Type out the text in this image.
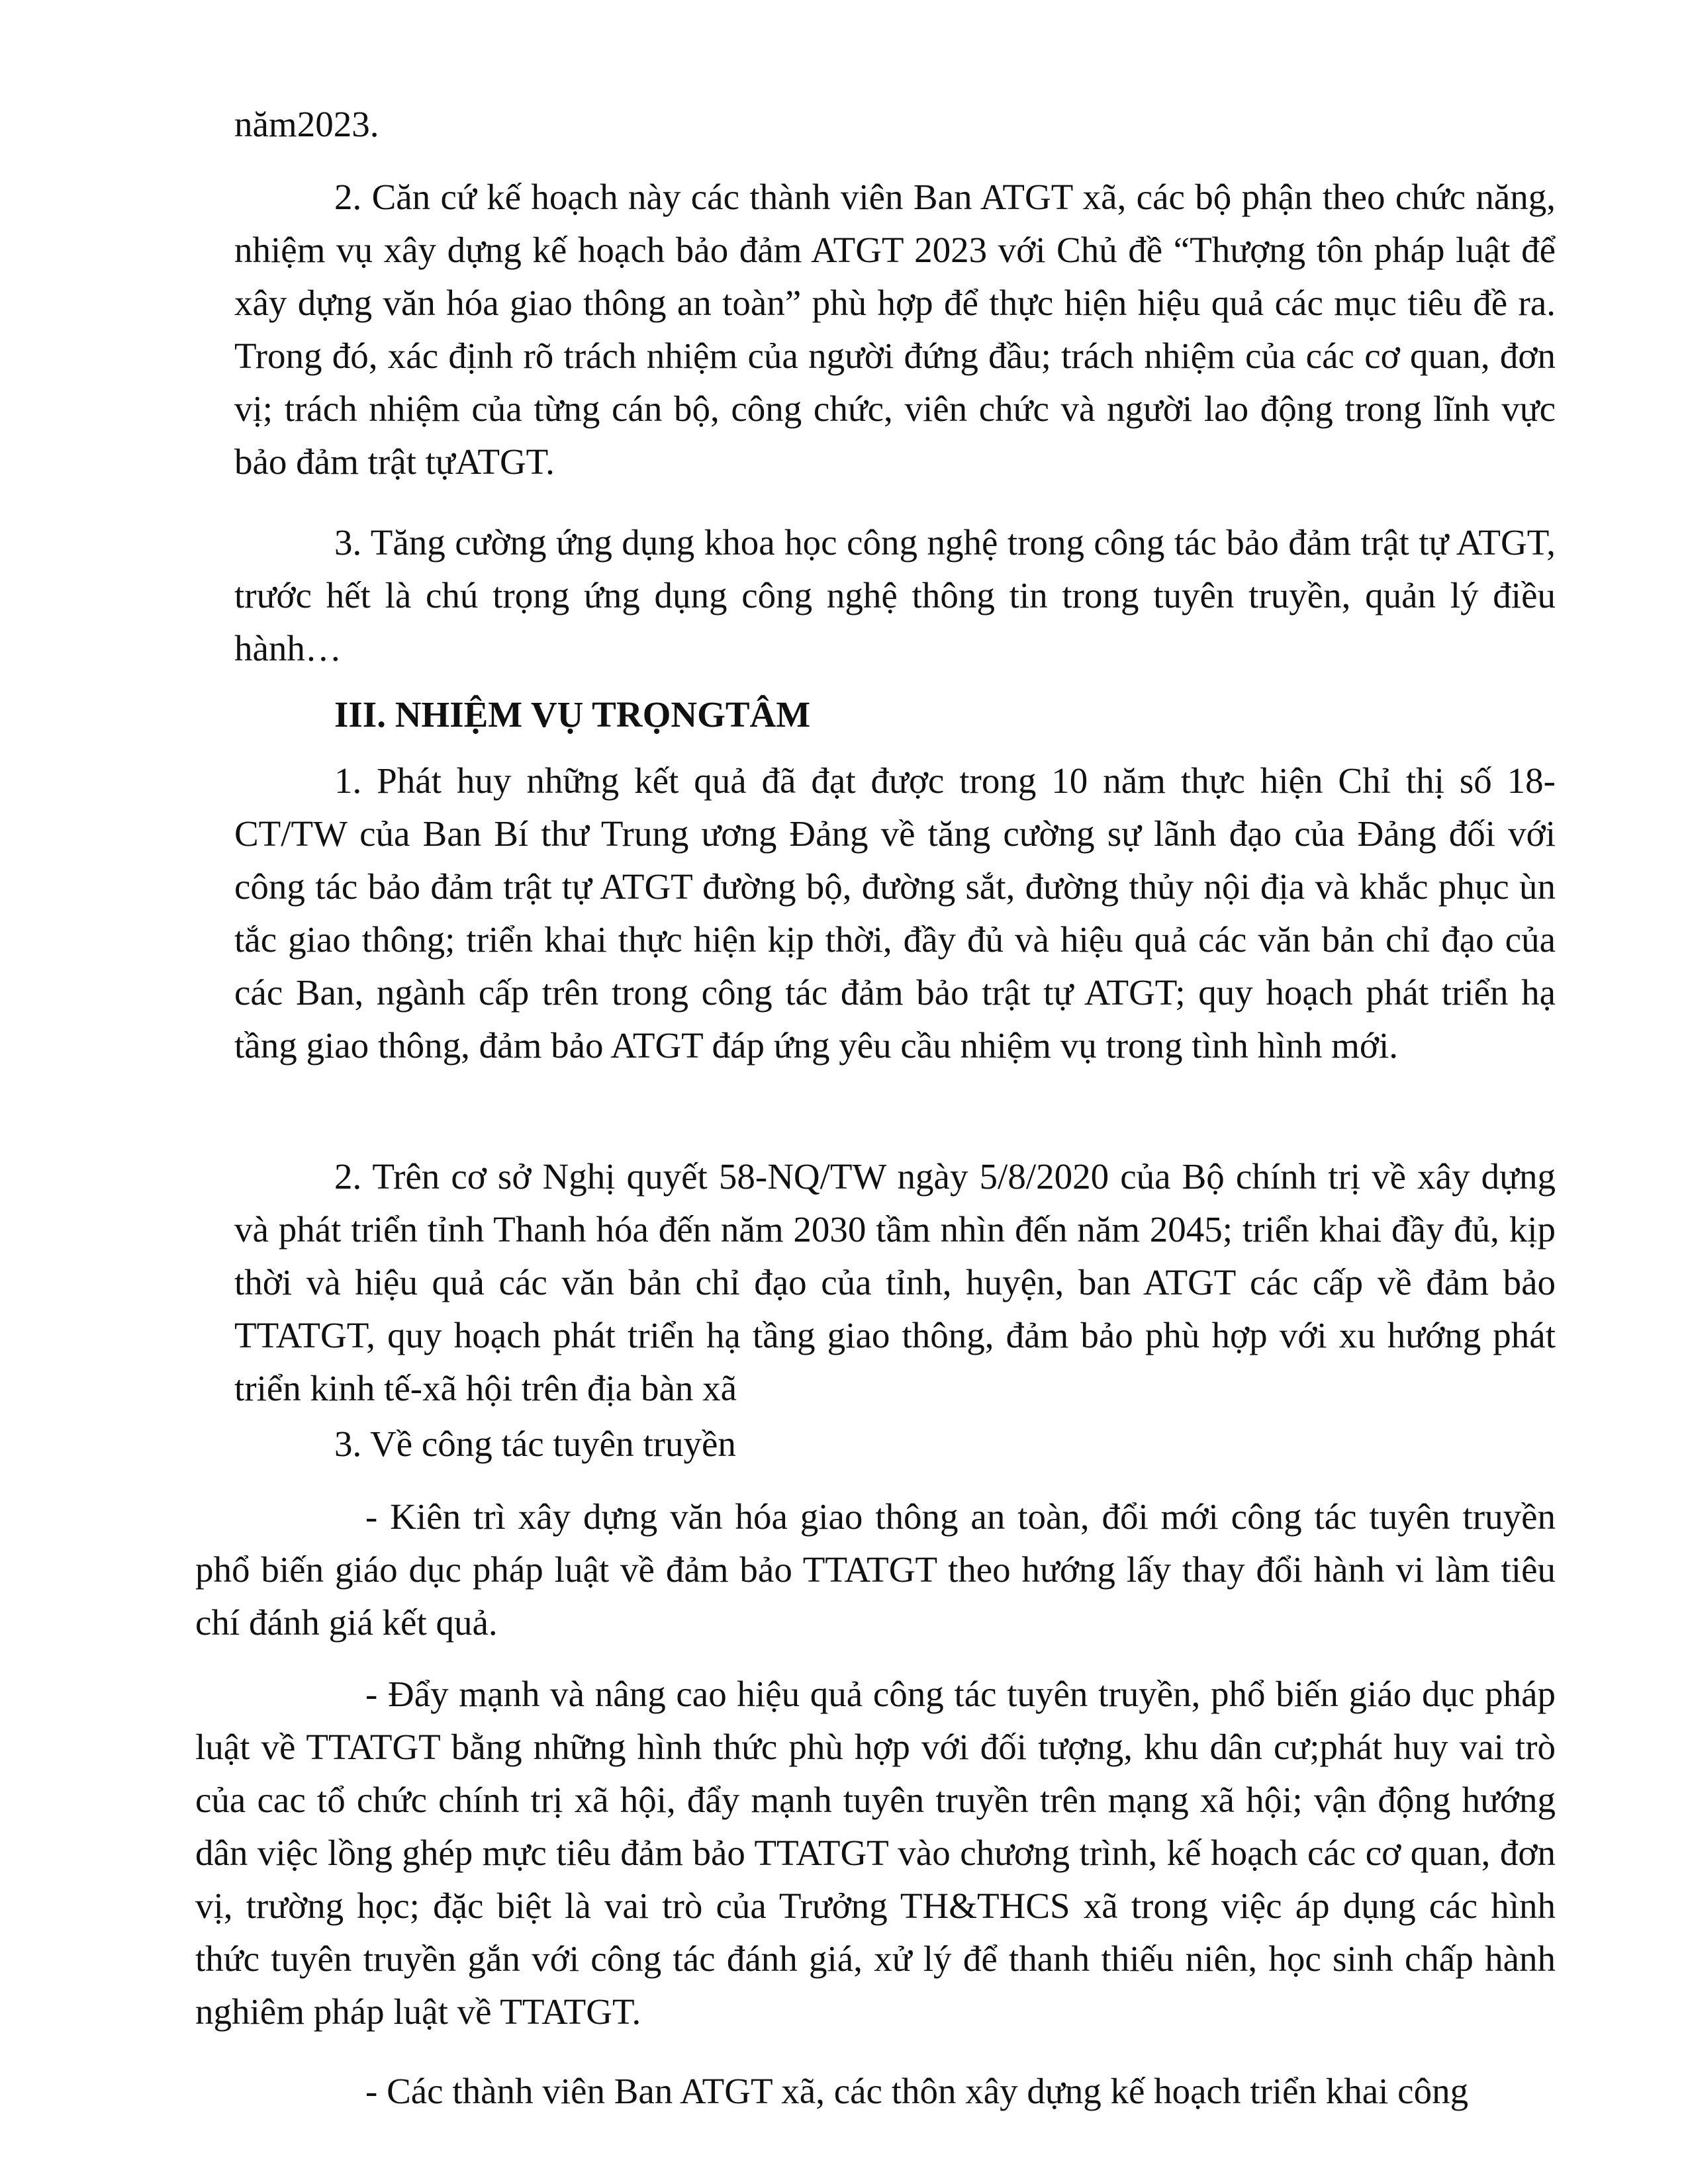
năm2023.

2. Căn cứ kế hoạch này các thành viên Ban ATGT xã, các bộ phận theo chức năng, nhiệm vụ xây dựng kế hoạch bảo đảm ATGT 2023 với Chủ đề “Thượng tôn pháp luật để xây dựng văn hóa giao thông an toàn” phù hợp để thực hiện hiệu quả các mục tiêu đề ra. Trong đó, xác định rõ trách nhiệm của người đứng đầu; trách nhiệm của các cơ quan, đơn vị; trách nhiệm của từng cán bộ, công chức, viên chức và người lao động trong lĩnh vực bảo đảm trật tựATGT.

3. Tăng cường ứng dụng khoa học công nghệ trong công tác bảo đảm trật tự ATGT, trước hết là chú trọng ứng dụng công nghệ thông tin trong tuyên truyền, quản lý điều hành…

III. NHIỆM VỤ TRỌNGTÂM

1. Phát huy những kết quả đã đạt được trong 10 năm thực hiện Chỉ thị số 18-CT/TW của Ban Bí thư Trung ương Đảng về tăng cường sự lãnh đạo của Đảng đối với công tác bảo đảm trật tự ATGT đường bộ, đường sắt, đường thủy nội địa và khắc phục ùn tắc giao thông; triển khai thực hiện kịp thời, đầy đủ và hiệu quả các văn bản chỉ đạo của các Ban, ngành cấp trên trong công tác đảm bảo trật tự ATGT; quy hoạch phát triển hạ tầng giao thông, đảm bảo ATGT đáp ứng yêu cầu nhiệm vụ trong tình hình mới.

2. Trên cơ sở Nghị quyết 58-NQ/TW ngày 5/8/2020 của Bộ chính trị về xây dựng và phát triển tỉnh Thanh hóa đến năm 2030 tầm nhìn đến năm 2045; triển khai đầy đủ, kịp thời và hiệu quả các văn bản chỉ đạo của tỉnh, huyện, ban ATGT các cấp về đảm bảo TTATGT, quy hoạch phát triển hạ tầng giao thông, đảm bảo phù hợp với xu hướng phát triển kinh tế-xã hội trên địa bàn xã

3. Về công tác tuyên truyền

- Kiên trì xây dựng văn hóa giao thông an toàn, đổi mới công tác tuyên truyền phổ biến giáo dục pháp luật về đảm bảo TTATGT theo hướng lấy thay đổi hành vi làm tiêu chí đánh giá kết quả.

- Đẩy mạnh và nâng cao hiệu quả công tác tuyên truyền, phổ biến giáo dục pháp luật về TTATGT bằng những hình thức phù hợp với đối tượng, khu dân cư;phát huy vai trò của cac tổ chức chính trị xã hội, đẩy mạnh tuyên truyền trên mạng xã hội; vận động hướng dân việc lồng ghép mực tiêu đảm bảo TTATGT vào chương trình, kế hoạch các cơ quan, đơn vị, trường học; đặc biệt là vai trò của Trưởng TH&THCS xã trong việc áp dụng các hình thức tuyên truyền gắn với công tác đánh giá, xử lý để thanh thiếu niên, học sinh chấp hành nghiêm pháp luật về TTATGT.

- Các thành viên Ban ATGT xã, các thôn xây dựng kế hoạch triển khai công
